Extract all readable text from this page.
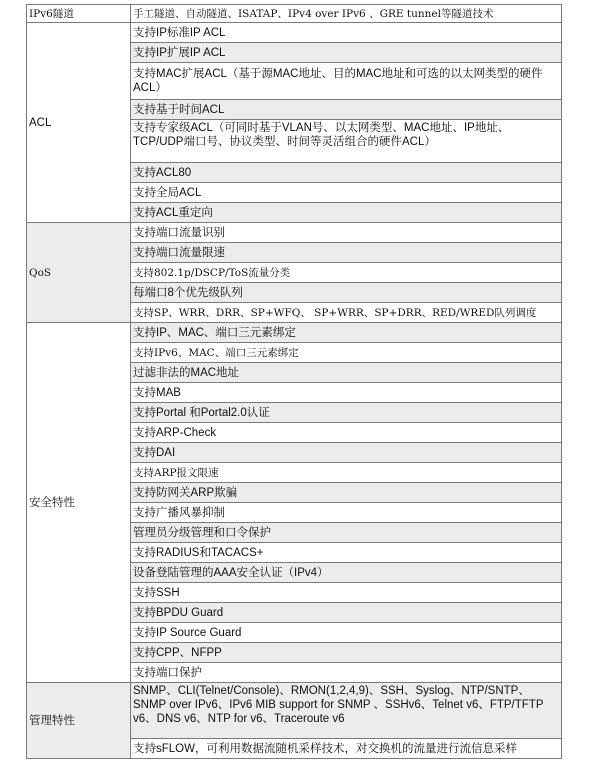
IPv6隧道	手工隧道、自动隧道、ISATAP、IPv4 over IPv6 、GRE tunnel等隧道技术
ACL	支持IP标准IP ACL
	支持IP扩展IP ACL
	支持MAC扩展ACL（基于源MAC地址、目的MAC地址和可选的以太网类型的硬件ACL）
	支持基于时间ACL
	支持专家级ACL（可同时基于VLAN号、以太网类型、MAC地址、IP地址、TCP/UDP端口号、协议类型、时间等灵活组合的硬件ACL）
	支持ACL80
	支持全局ACL
	支持ACL重定向
QoS	支持端口流量识别
	支持端口流量限速
	支持802.1p/DSCP/ToS流量分类
	每端口8个优先级队列
	支持SP、WRR、DRR、SP+WFQ、 SP+WRR、SP+DRR、RED/WRED队列调度
安全特性	支持IP、MAC、端口三元素绑定
	支持IPv6、MAC、端口三元素绑定
	过滤非法的MAC地址
	支持MAB
	支持Portal 和Portal2.0认证
	支持ARP-Check
	支持DAI
	支持ARP报文限速
	支持防网关ARP欺骗
	支持广播风暴抑制
	管理员分级管理和口令保护
	支持RADIUS和TACACS+
	设备登陆管理的AAA安全认证（IPv4）
	支持SSH
	支持BPDU Guard
	支持IP Source Guard
	支持CPP、NFPP
	支持端口保护
管理特性	SNMP、CLI(Telnet/Console)、RMON(1,2,4,9)、SSH、Syslog、NTP/SNTP、SNMP over IPv6、IPv6 MIB support for SNMP 、SSHv6、Telnet v6、FTP/TFTP v6、DNS v6、NTP for v6、Traceroute v6
	支持sFLOW，可利用数据流随机采样技术，对交换机的流量进行流信息采样
